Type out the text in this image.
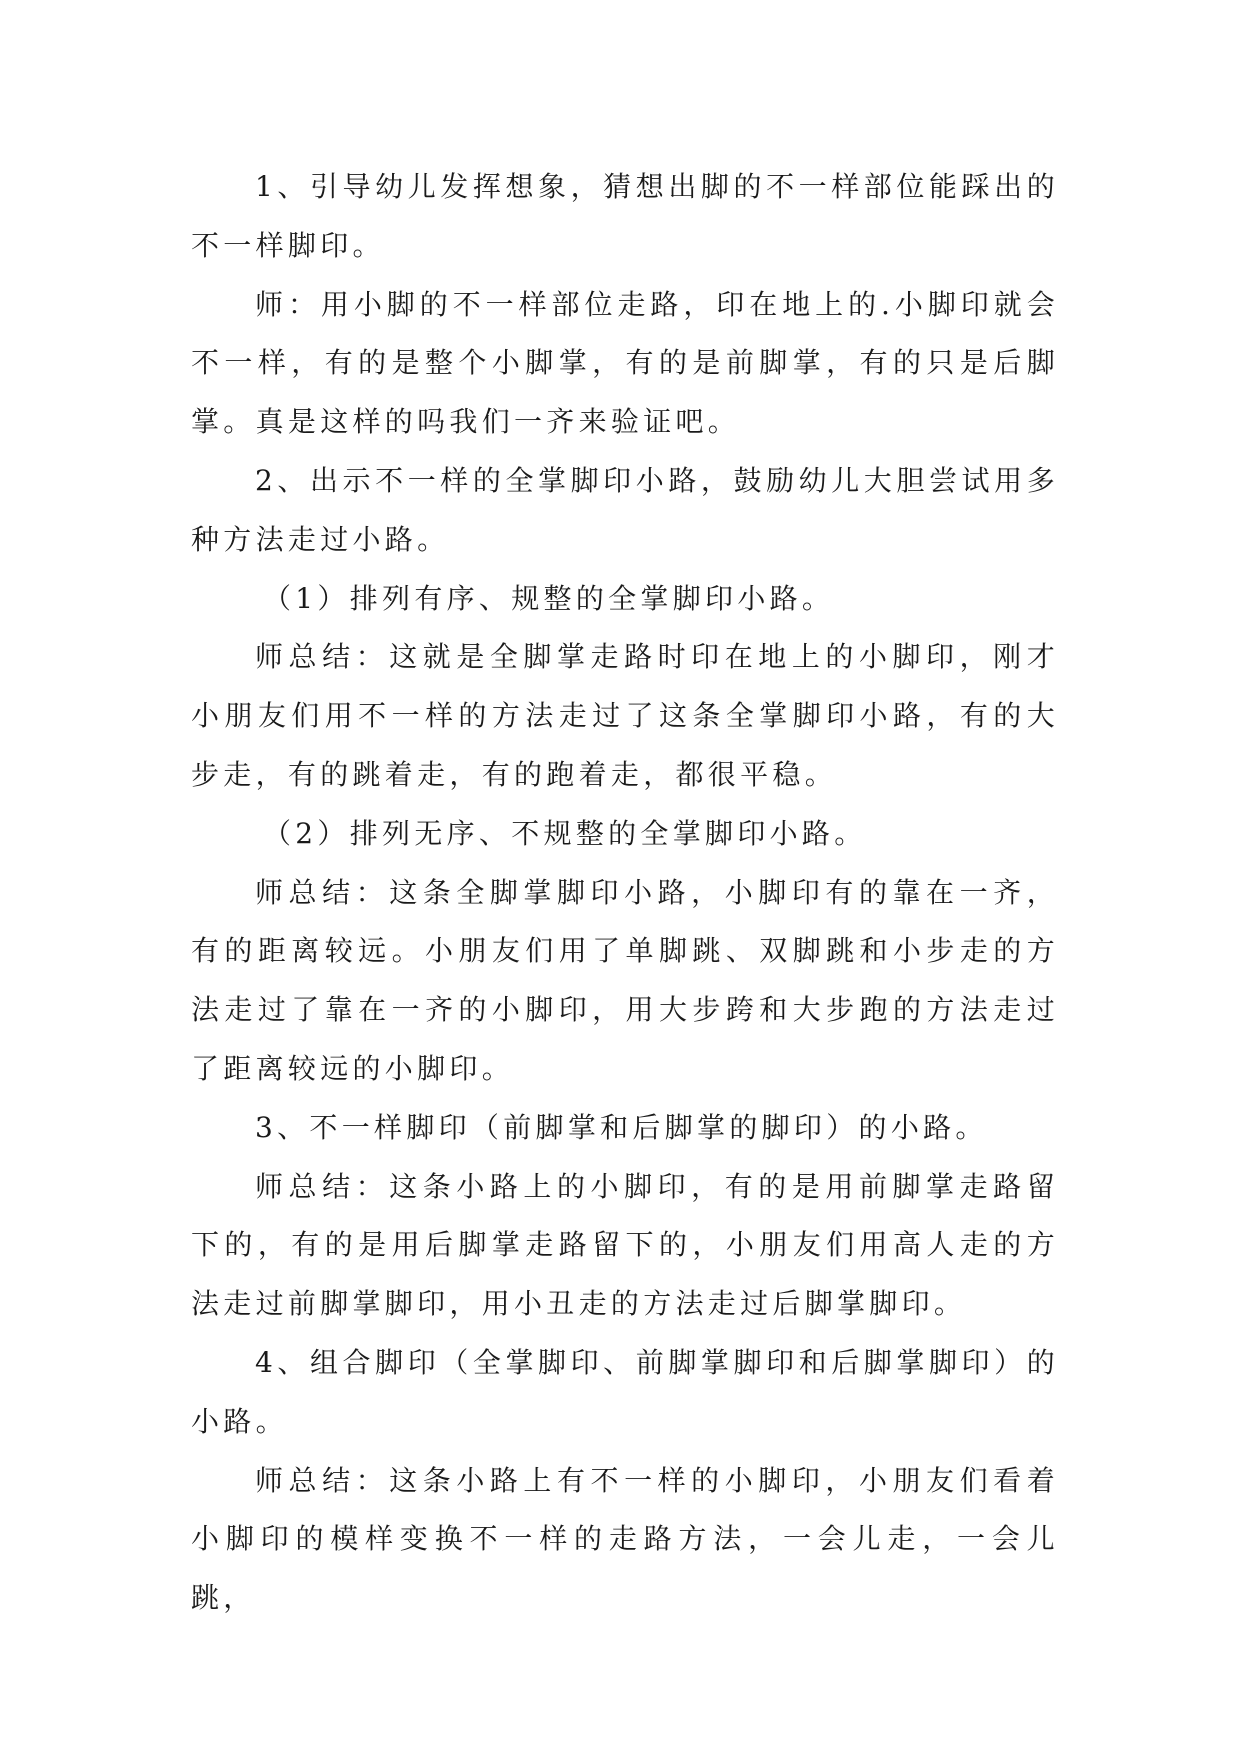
1、引导幼儿发挥想象，猜想出脚的不一样部位能踩出的不一样脚印。

师：用小脚的不一样部位走路，印在地上的.小脚印就会不一样，有的是整个小脚掌，有的是前脚掌，有的只是后脚掌。真是这样的吗我们一齐来验证吧。

2、出示不一样的全掌脚印小路，鼓励幼儿大胆尝试用多种方法走过小路。

（1）排列有序、规整的全掌脚印小路。

师总结：这就是全脚掌走路时印在地上的小脚印，刚才小朋友们用不一样的方法走过了这条全掌脚印小路，有的大步走，有的跳着走，有的跑着走，都很平稳。

（2）排列无序、不规整的全掌脚印小路。

师总结：这条全脚掌脚印小路，小脚印有的靠在一齐，有的距离较远。小朋友们用了单脚跳、双脚跳和小步走的方法走过了靠在一齐的小脚印，用大步跨和大步跑的方法走过了距离较远的小脚印。

3、不一样脚印（前脚掌和后脚掌的脚印）的小路。

师总结：这条小路上的小脚印，有的是用前脚掌走路留下的，有的是用后脚掌走路留下的，小朋友们用高人走的方法走过前脚掌脚印，用小丑走的方法走过后脚掌脚印。

4、组合脚印（全掌脚印、前脚掌脚印和后脚掌脚印）的小路。

师总结：这条小路上有不一样的小脚印，小朋友们看着小脚印的模样变换不一样的走路方法，一会儿走，一会儿跳，
